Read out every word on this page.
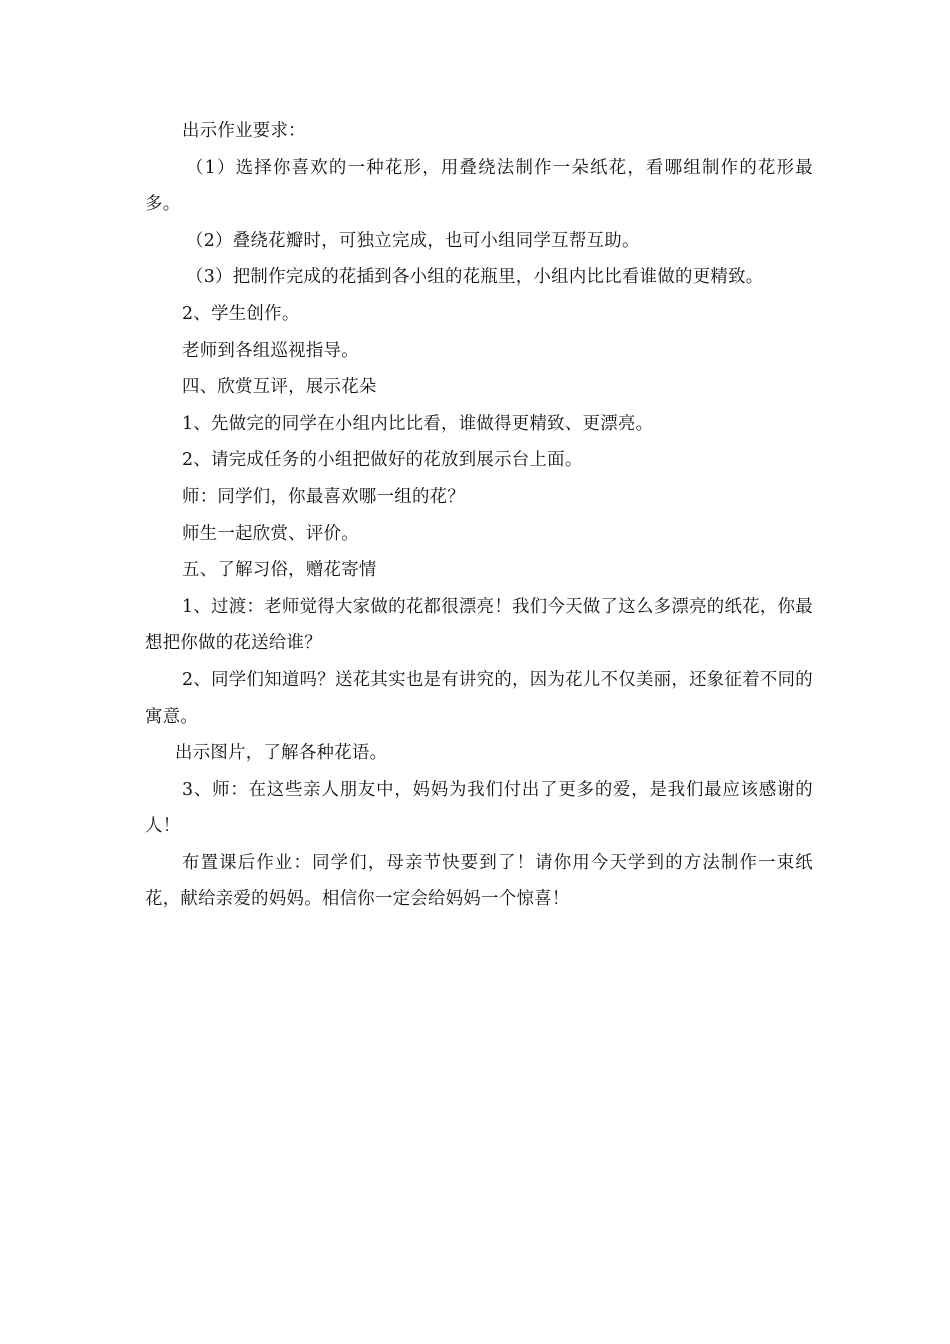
出示作业要求：

（1）选择你喜欢的一种花形，用叠绕法制作一朵纸花，看哪组制作的花形最多。

（2）叠绕花瓣时，可独立完成，也可小组同学互帮互助。

（3）把制作完成的花插到各小组的花瓶里，小组内比比看谁做的更精致。

2、学生创作。

老师到各组巡视指导。

四、欣赏互评，展示花朵

1、先做完的同学在小组内比比看，谁做得更精致、更漂亮。

2、请完成任务的小组把做好的花放到展示台上面。

师：同学们，你最喜欢哪一组的花？

师生一起欣赏、评价。

五、了解习俗，赠花寄情

1、过渡：老师觉得大家做的花都很漂亮！我们今天做了这么多漂亮的纸花，你最想把你做的花送给谁？

2、同学们知道吗？送花其实也是有讲究的，因为花儿不仅美丽，还象征着不同的寓意。

出示图片，了解各种花语。

3、师：在这些亲人朋友中，妈妈为我们付出了更多的爱，是我们最应该感谢的人！

布置课后作业：同学们，母亲节快要到了！请你用今天学到的方法制作一束纸花，献给亲爱的妈妈。相信你一定会给妈妈一个惊喜！
